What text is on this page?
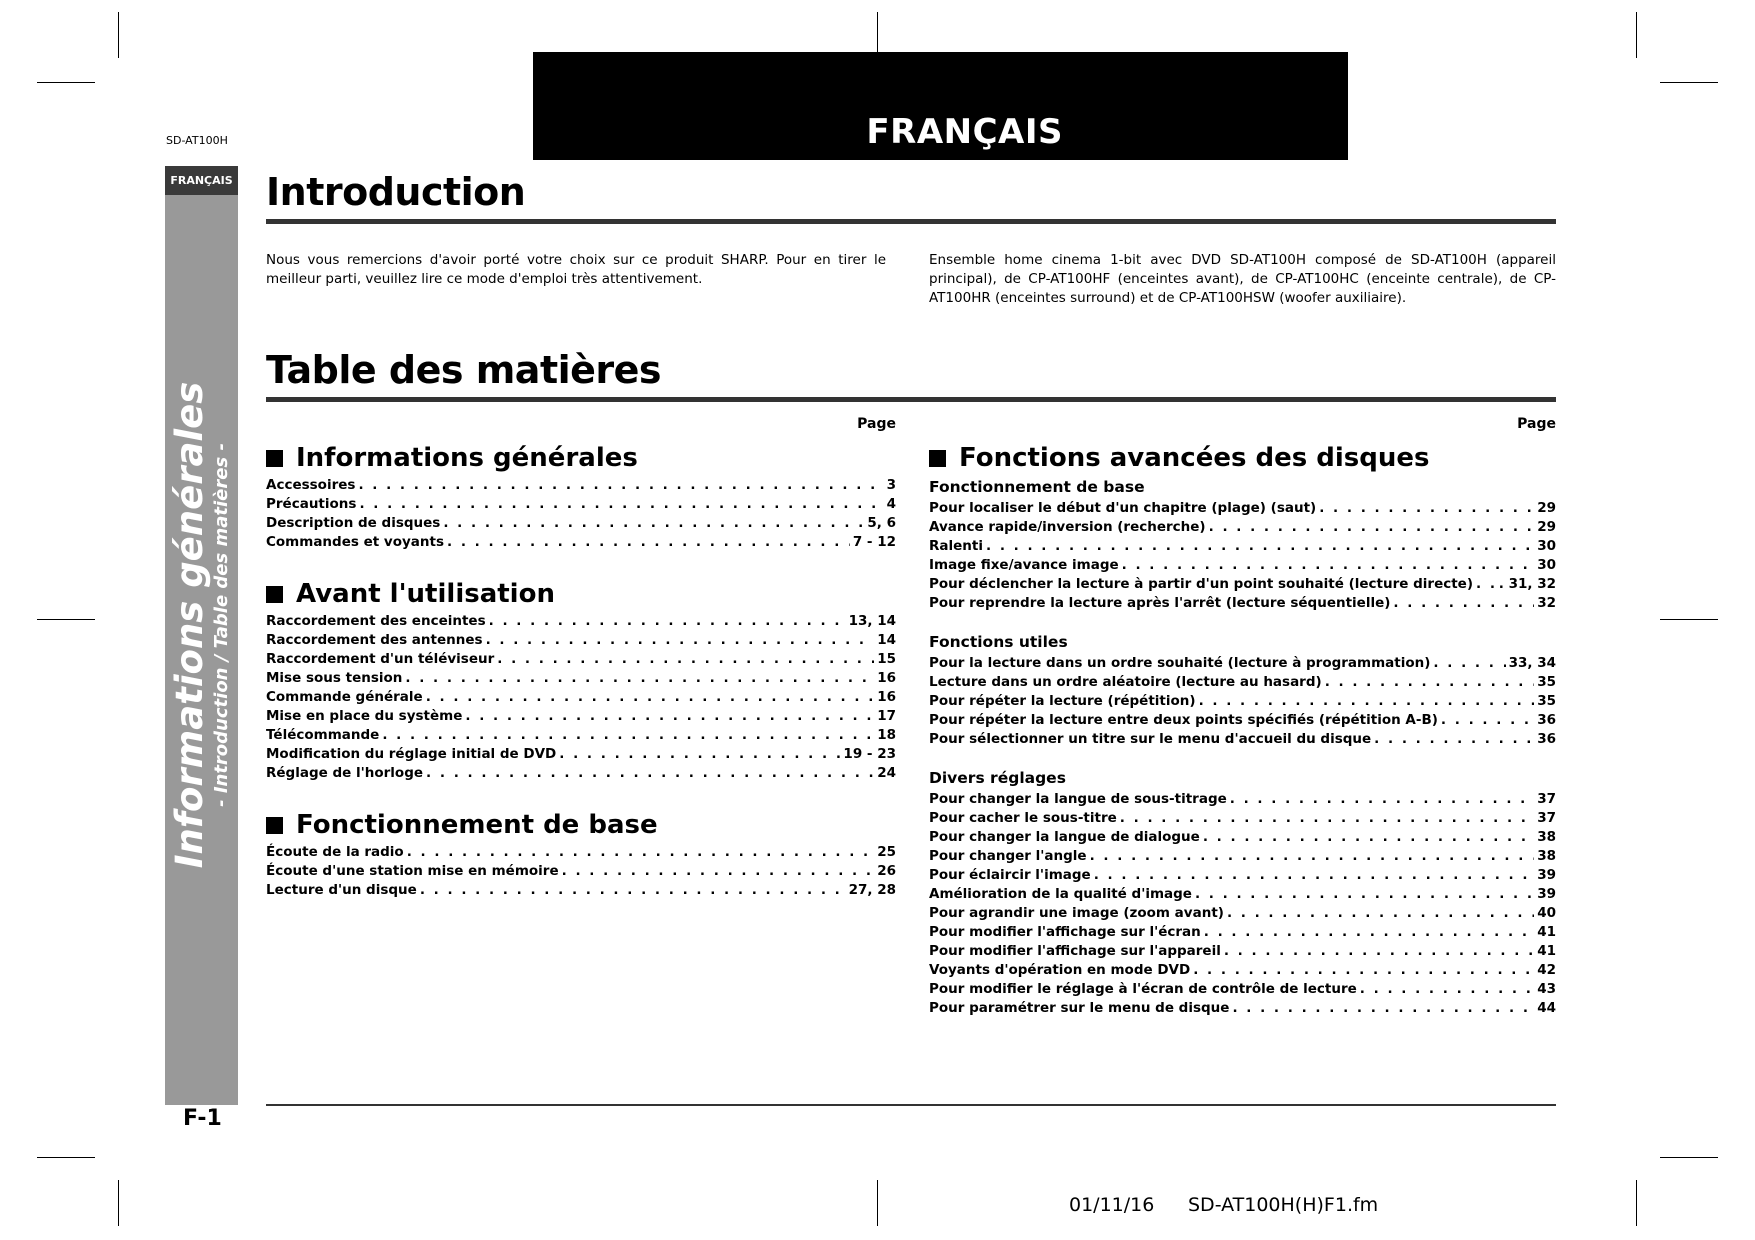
FRANÇAIS
SD-AT100H
FRANÇAIS
Informations générales - Introduction / Table des matières -
Introduction
Nous vous remercions d'avoir porté votre choix sur ce produit SHARP. Pour en tirer le meilleur parti, veuillez lire ce mode d'emploi très attentivement.
Ensemble home cinema 1-bit avec DVD SD-AT100H composé de SD-AT100H (appareil principal), de CP-AT100HF (enceintes avant), de CP-AT100HC (enceinte centrale), de CP-AT100HR (enceintes surround) et de CP-AT100HSW (woofer auxiliaire).
Table des matières
Page
Informations générales
Accessoires . . .	3
Précautions . . .	4
Description de disques . . .	5, 6
Commandes et voyants . . .	7 - 12
Avant l'utilisation
Raccordement des enceintes . . .	13, 14
Raccordement des antennes . . .	14
Raccordement d'un téléviseur . . .	15
Mise sous tension . . .	16
Commande générale . . .	16
Mise en place du système . . .	17
Télécommande . . .	18
Modification du réglage initial de DVD . . .	19 - 23
Réglage de l'horloge . . .	24
Fonctionnement de base
Écoute de la radio . . .	25
Écoute d'une station mise en mémoire . . .	26
Lecture d'un disque . . .	27, 28
Page
Fonctions avancées des disques
Fonctionnement de base
Pour localiser le début d'un chapitre (plage) (saut) . . .	29
Avance rapide/inversion (recherche) . . .	29
Ralenti . . .	30
Image fixe/avance image . . .	30
Pour déclencher la lecture à partir d'un point souhaité (lecture directe) . . . . 31, 32
Pour reprendre la lecture après l'arrêt (lecture séquentielle) . . .	32
Fonctions utiles
Pour la lecture dans un ordre souhaité (lecture à programmation) . . .	33, 34
Lecture dans un ordre aléatoire (lecture au hasard) . . .	35
Pour répéter la lecture (répétition) . . .	35
Pour répéter la lecture entre deux points spécifiés (répétition A-B) . . .	36
Pour sélectionner un titre sur le menu d'accueil du disque . . .	36
Divers réglages
Pour changer la langue de sous-titrage . . .	37
Pour cacher le sous-titre . . .	37
Pour changer la langue de dialogue . . .	38
Pour changer l'angle . . .	38
Pour éclaircir l'image . . .	39
Amélioration de la qualité d'image . . .	39
Pour agrandir une image (zoom avant) . . .	40
Pour modifier l'affichage sur l'écran . . .	41
Pour modifier l'affichage sur l'appareil . . .	41
Voyants d'opération en mode DVD . . .	42
Pour modifier le réglage à l'écran de contrôle de lecture . . .	43
Pour paramétrer sur le menu de disque . . .	44
F-1
01/11/16 SD-AT100H(H)F1.fm
